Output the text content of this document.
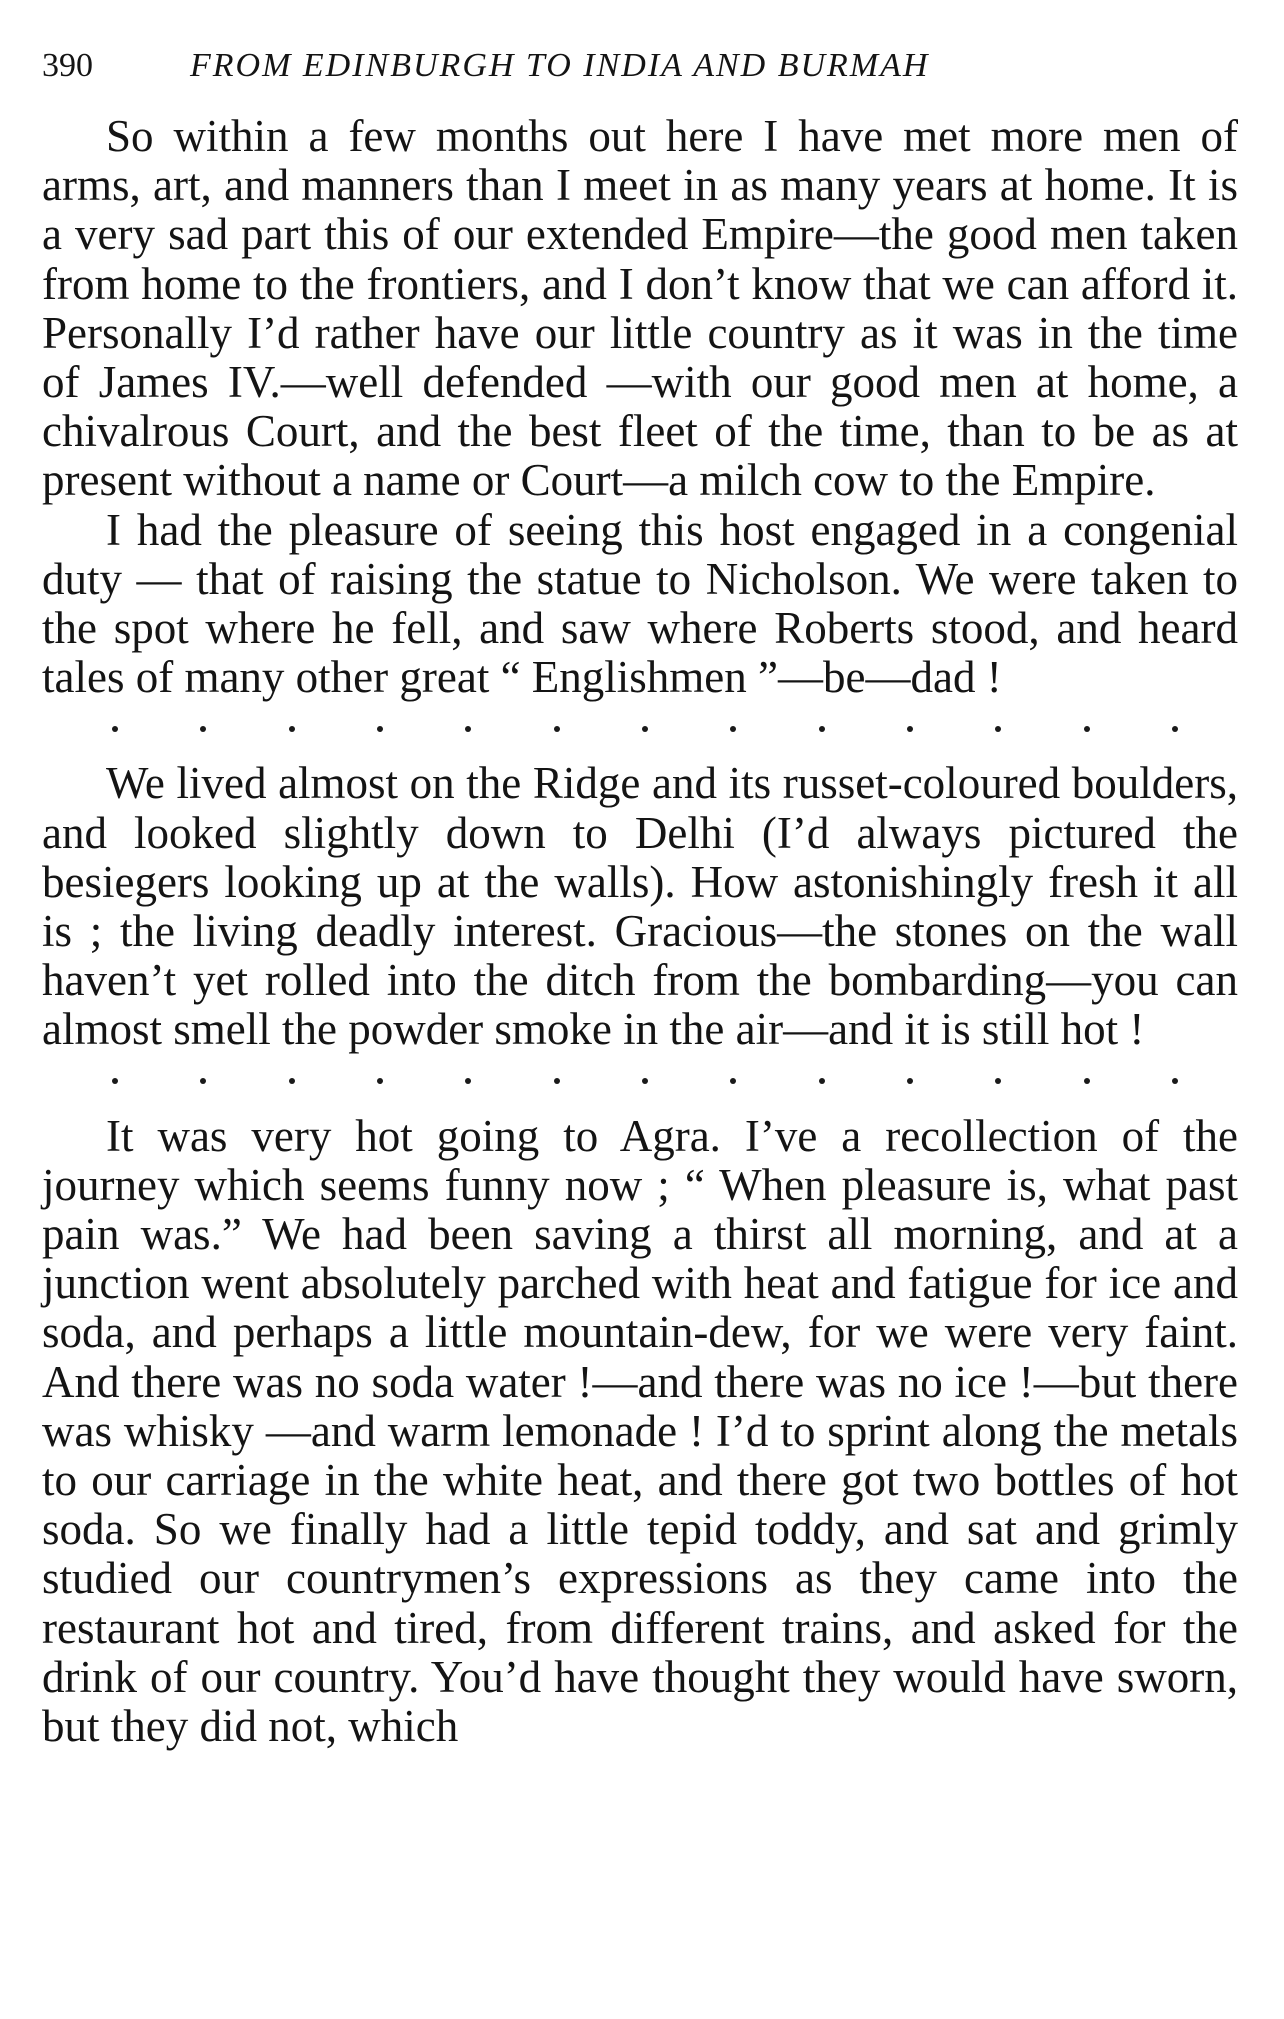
390	FROM EDINBURGH TO INDIA AND BURMAH

So within a few months out here I have met more men of arms, art, and manners than I meet in as many years at home. It is a very sad part this of our extended Empire—the good men taken from home to the frontiers, and I don’t know that we can afford it. Personally I’d rather have our little country as it was in the time of James IV.—well defended —with our good men at home, a chivalrous Court, and the best fleet of the time, than to be as at present without a name or Court—a milch cow to the Empire.

I had the pleasure of seeing this host engaged in a congenial duty — that of raising the statue to Nicholson. We were taken to the spot where he fell, and saw where Roberts stood, and heard tales of many other great “ Englishmen ”—be—dad !

We lived almost on the Ridge and its russet-coloured boulders, and looked slightly down to Delhi (I’d always pictured the besiegers looking up at the walls). How astonishingly fresh it all is ; the living deadly interest. Gracious—the stones on the wall haven’t yet rolled into the ditch from the bombarding—you can almost smell the powder smoke in the air—and it is still hot !

It was very hot going to Agra. I’ve a recollection of the journey which seems funny now ; “ When pleasure is, what past pain was.” We had been saving a thirst all morning, and at a junction went absolutely parched with heat and fatigue for ice and soda, and perhaps a little mountain-dew, for we were very faint. And there was no soda water !—and there was no ice !—but there was whisky —and warm lemonade ! I’d to sprint along the metals to our carriage in the white heat, and there got two bottles of hot soda. So we finally had a little tepid toddy, and sat and grimly studied our countrymen’s expressions as they came into the restaurant hot and tired, from different trains, and asked for the drink of our country. You’d have thought they would have sworn, but they did not, which
